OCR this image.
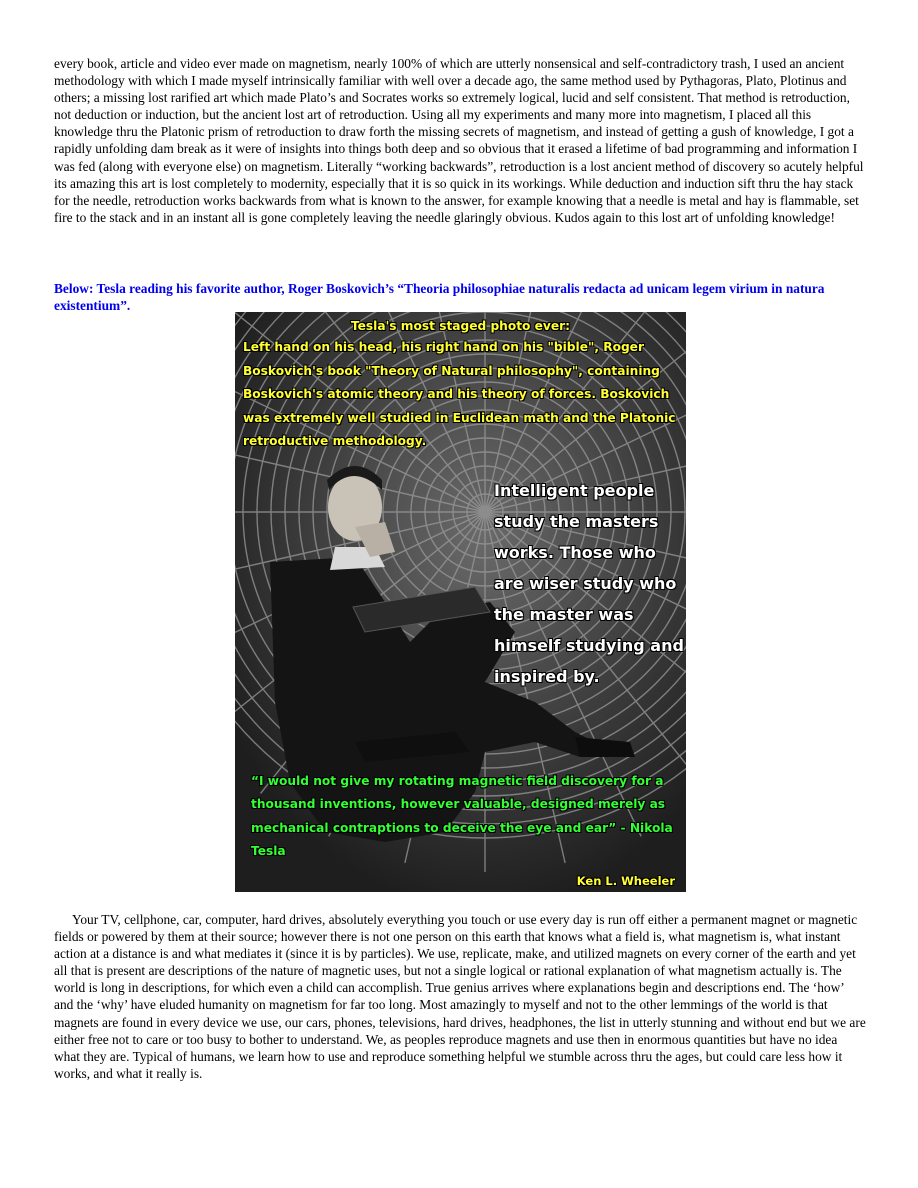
every book, article and video ever made on magnetism, nearly 100% of which are utterly nonsensical and self-contradictory trash, I used an ancient methodology with which I made myself intrinsically familiar with well over a decade ago, the same method used by Pythagoras, Plato, Plotinus and others; a missing lost rarified art which made Plato’s and Socrates works so extremely logical, lucid and self consistent. That method is retroduction, not deduction or induction, but the ancient lost art of retroduction. Using all my experiments and many more into magnetism, I placed all this knowledge thru the Platonic prism of retroduction to draw forth the missing secrets of magnetism, and instead of getting a gush of knowledge, I got a rapidly unfolding dam break as it were of insights into things both deep and so obvious that it erased a lifetime of bad programming and information I was fed (along with everyone else) on magnetism. Literally “working backwards”, retroduction is a lost ancient method of discovery so acutely helpful its amazing this art is lost completely to modernity, especially that it is so quick in its workings. While deduction and induction sift thru the hay stack for the needle, retroduction works backwards from what is known to the answer, for example knowing that a needle is metal and hay is flammable, set fire to the stack and in an instant all is gone completely leaving the needle glaringly obvious. Kudos again to this lost art of unfolding knowledge!

Below: Tesla reading his favorite author, Roger Boskovich’s “Theoria philosophiae naturalis redacta ad unicam legem virium in natura existentium”.

Tesla's most staged photo ever:
Left hand on his head, his right hand on his "bible", Roger Boskovich's book "Theory of Natural philosophy", containing Boskovich's atomic theory and his theory of forces. Boskovich was extremely well studied in Euclidean math and the Platonic retroductive methodology.
Intelligent people study the masters works. Those who are wiser study who the master was himself studying and inspired by.
“I would not give my rotating magnetic field discovery for a thousand inventions, however valuable, designed merely as mechanical contraptions to deceive the eye and ear” - Nikola Tesla
Ken L. Wheeler

Your TV, cellphone, car, computer, hard drives, absolutely everything you touch or use every day is run off either a permanent magnet or magnetic fields or powered by them at their source; however there is not one person on this earth that knows what a field is, what magnetism is, what instant action at a distance is and what mediates it (since it is by particles). We use, replicate, make, and utilized magnets on every corner of the earth and yet all that is present are descriptions of the nature of magnetic uses, but not a single logical or rational explanation of what magnetism actually is. The world is long in descriptions, for which even a child can accomplish. True genius arrives where explanations begin and descriptions end. The ‘how’ and the ‘why’ have eluded humanity on magnetism for far too long. Most amazingly to myself and not to the other lemmings of the world is that magnets are found in every device we use, our cars, phones, televisions, hard drives, headphones, the list in utterly stunning and without end but we are either free not to care or too busy to bother to understand. We, as peoples reproduce magnets and use then in enormous quantities but have no idea what they are. Typical of humans, we learn how to use and reproduce something helpful we stumble across thru the ages, but could care less how it works, and what it really is.
